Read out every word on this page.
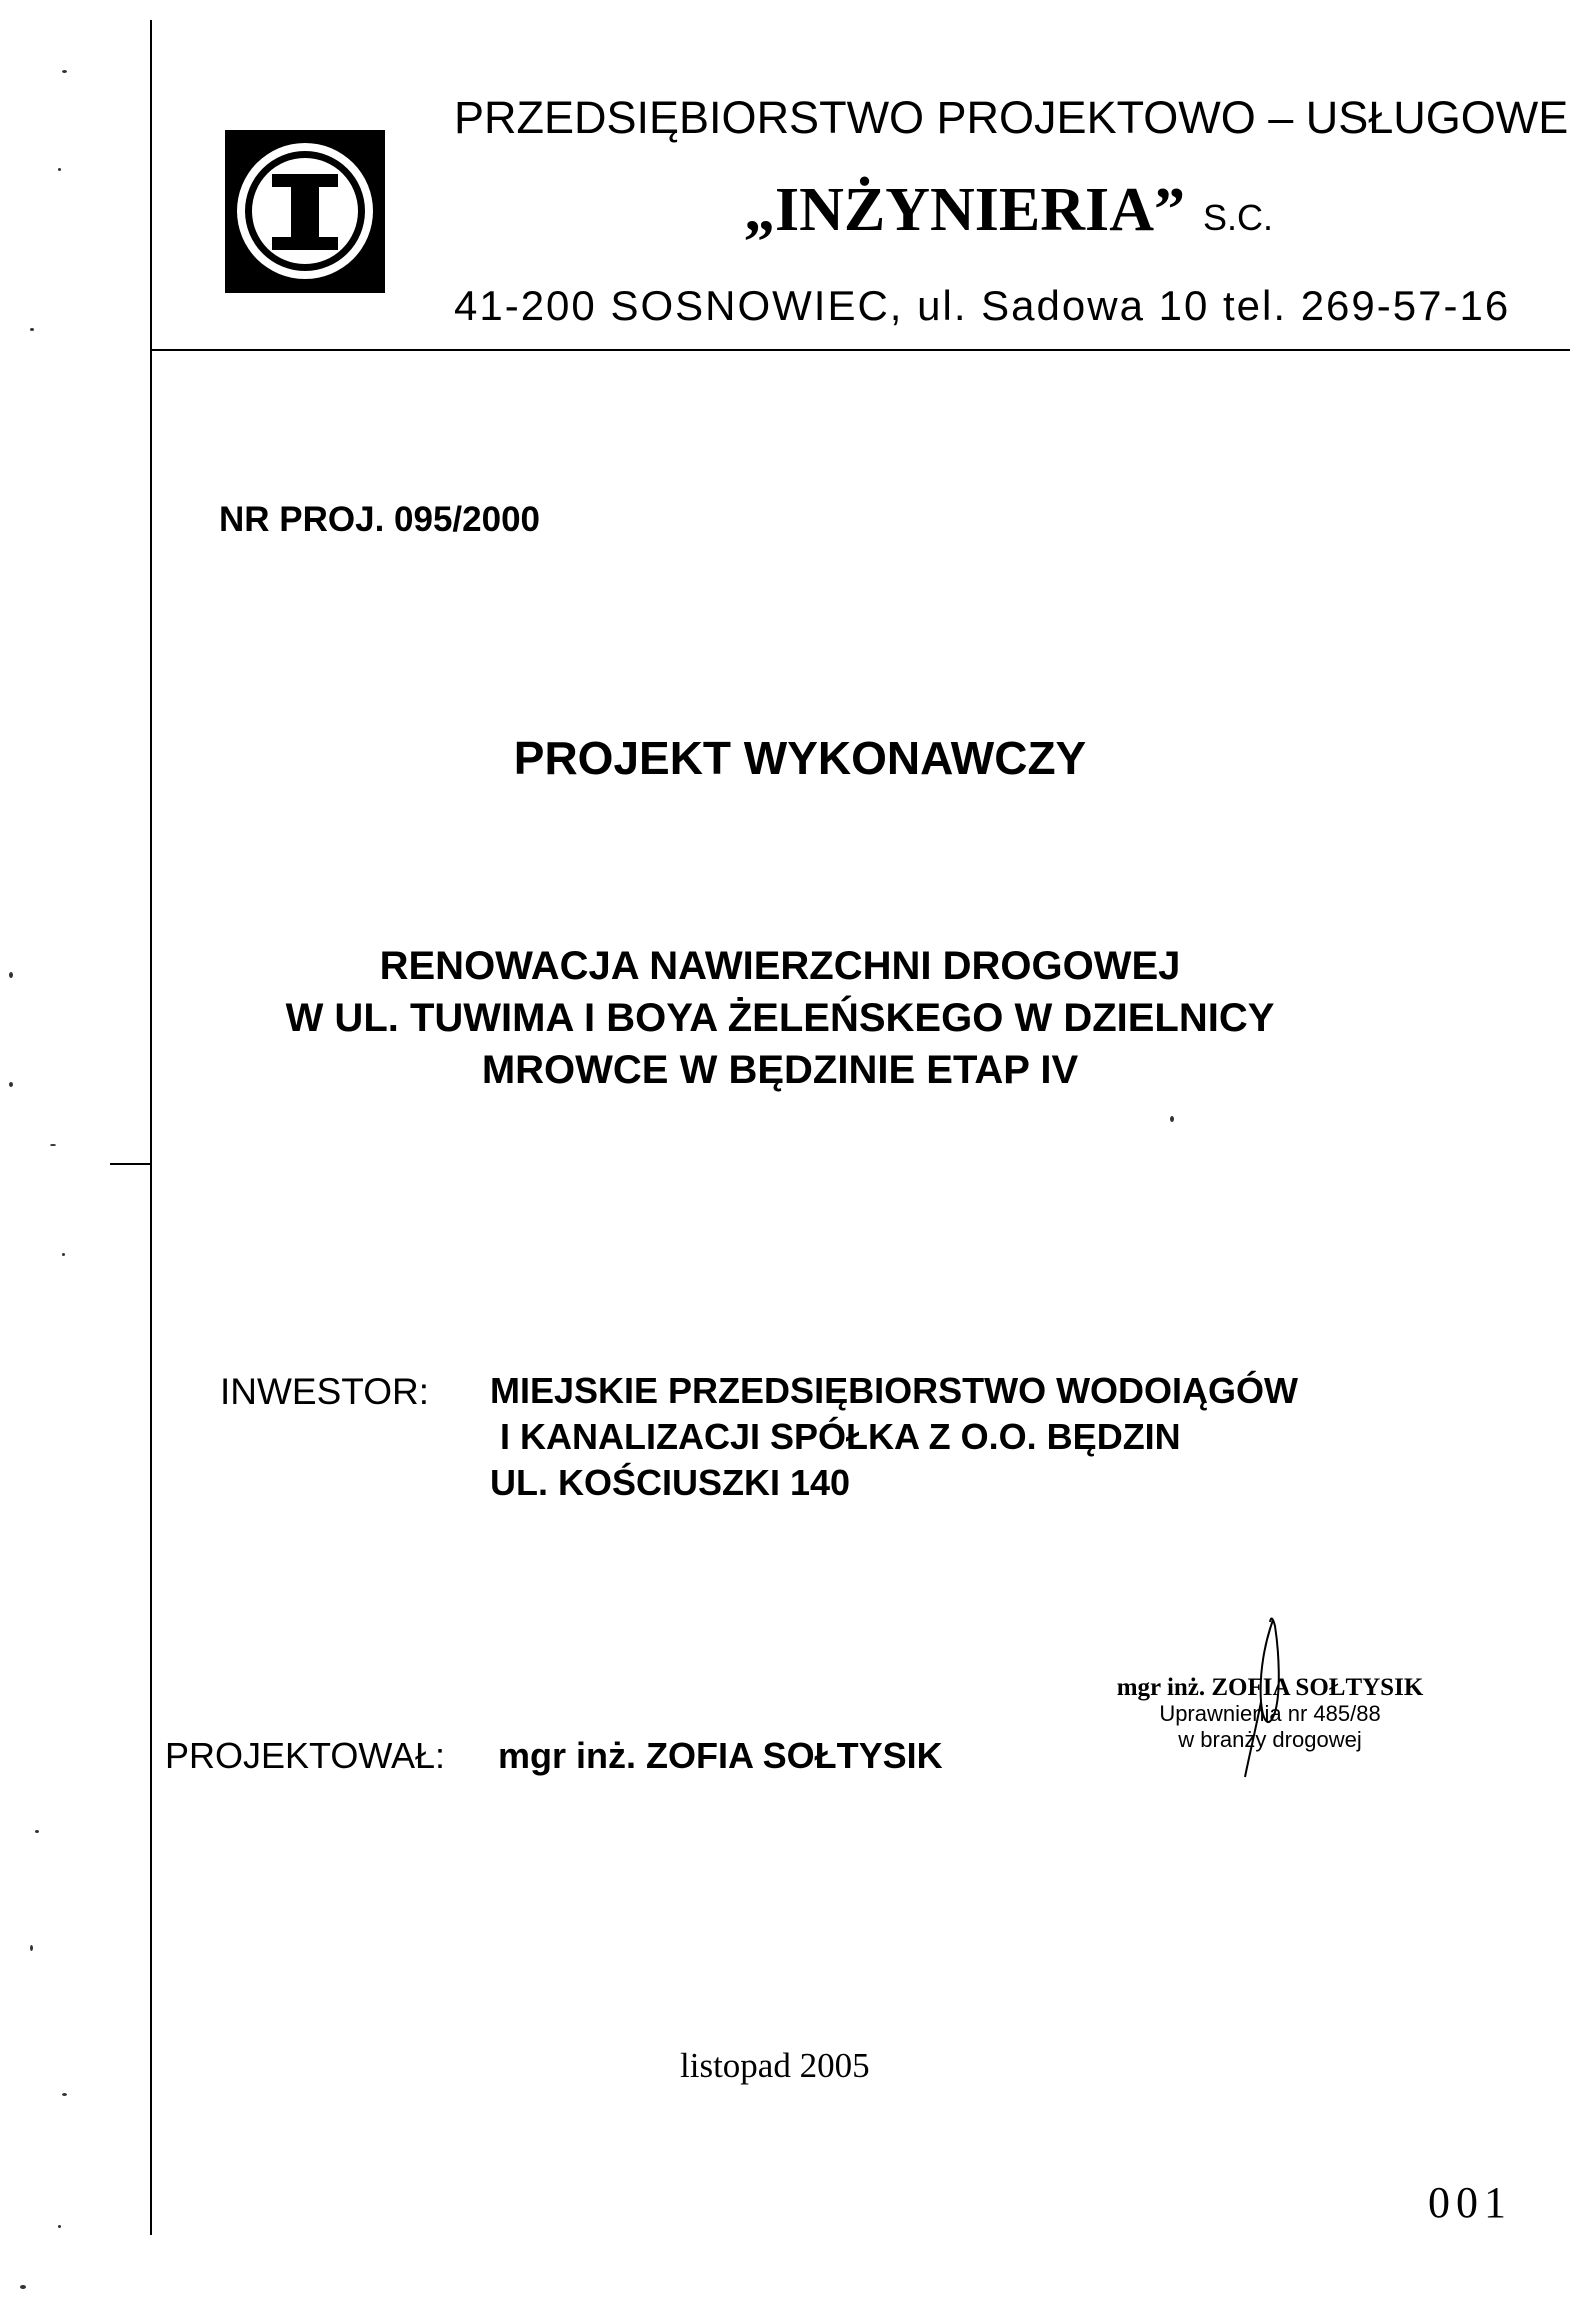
PRZEDSIĘBIORSTWO PROJEKTOWO – USŁUGOWE
„INŻYNIERIA” S.C.
41-200 SOSNOWIEC, ul. Sadowa 10 tel. 269-57-16
NR PROJ. 095/2000
PROJEKT WYKONAWCZY
RENOWACJA NAWIERZCHNI DROGOWEJ
W UL. TUWIMA I BOYA ŻELEŃSKEGO W DZIELNICY
MROWCE W BĘDZINIE ETAP IV
INWESTOR: MIEJSKIE PRZEDSIĘBIORSTWO WODOIĄGÓW
I KANALIZACJI SPÓŁKA Z O.O. BĘDZIN
UL. KOŚCIUSZKI 140
PROJEKTOWAŁ: mgr inż. ZOFIA SOŁTYSIK
mgr inż. ZOFIA SOŁTYSIK
Uprawnienia nr 485/88
w branży drogowej
listopad 2005
001
